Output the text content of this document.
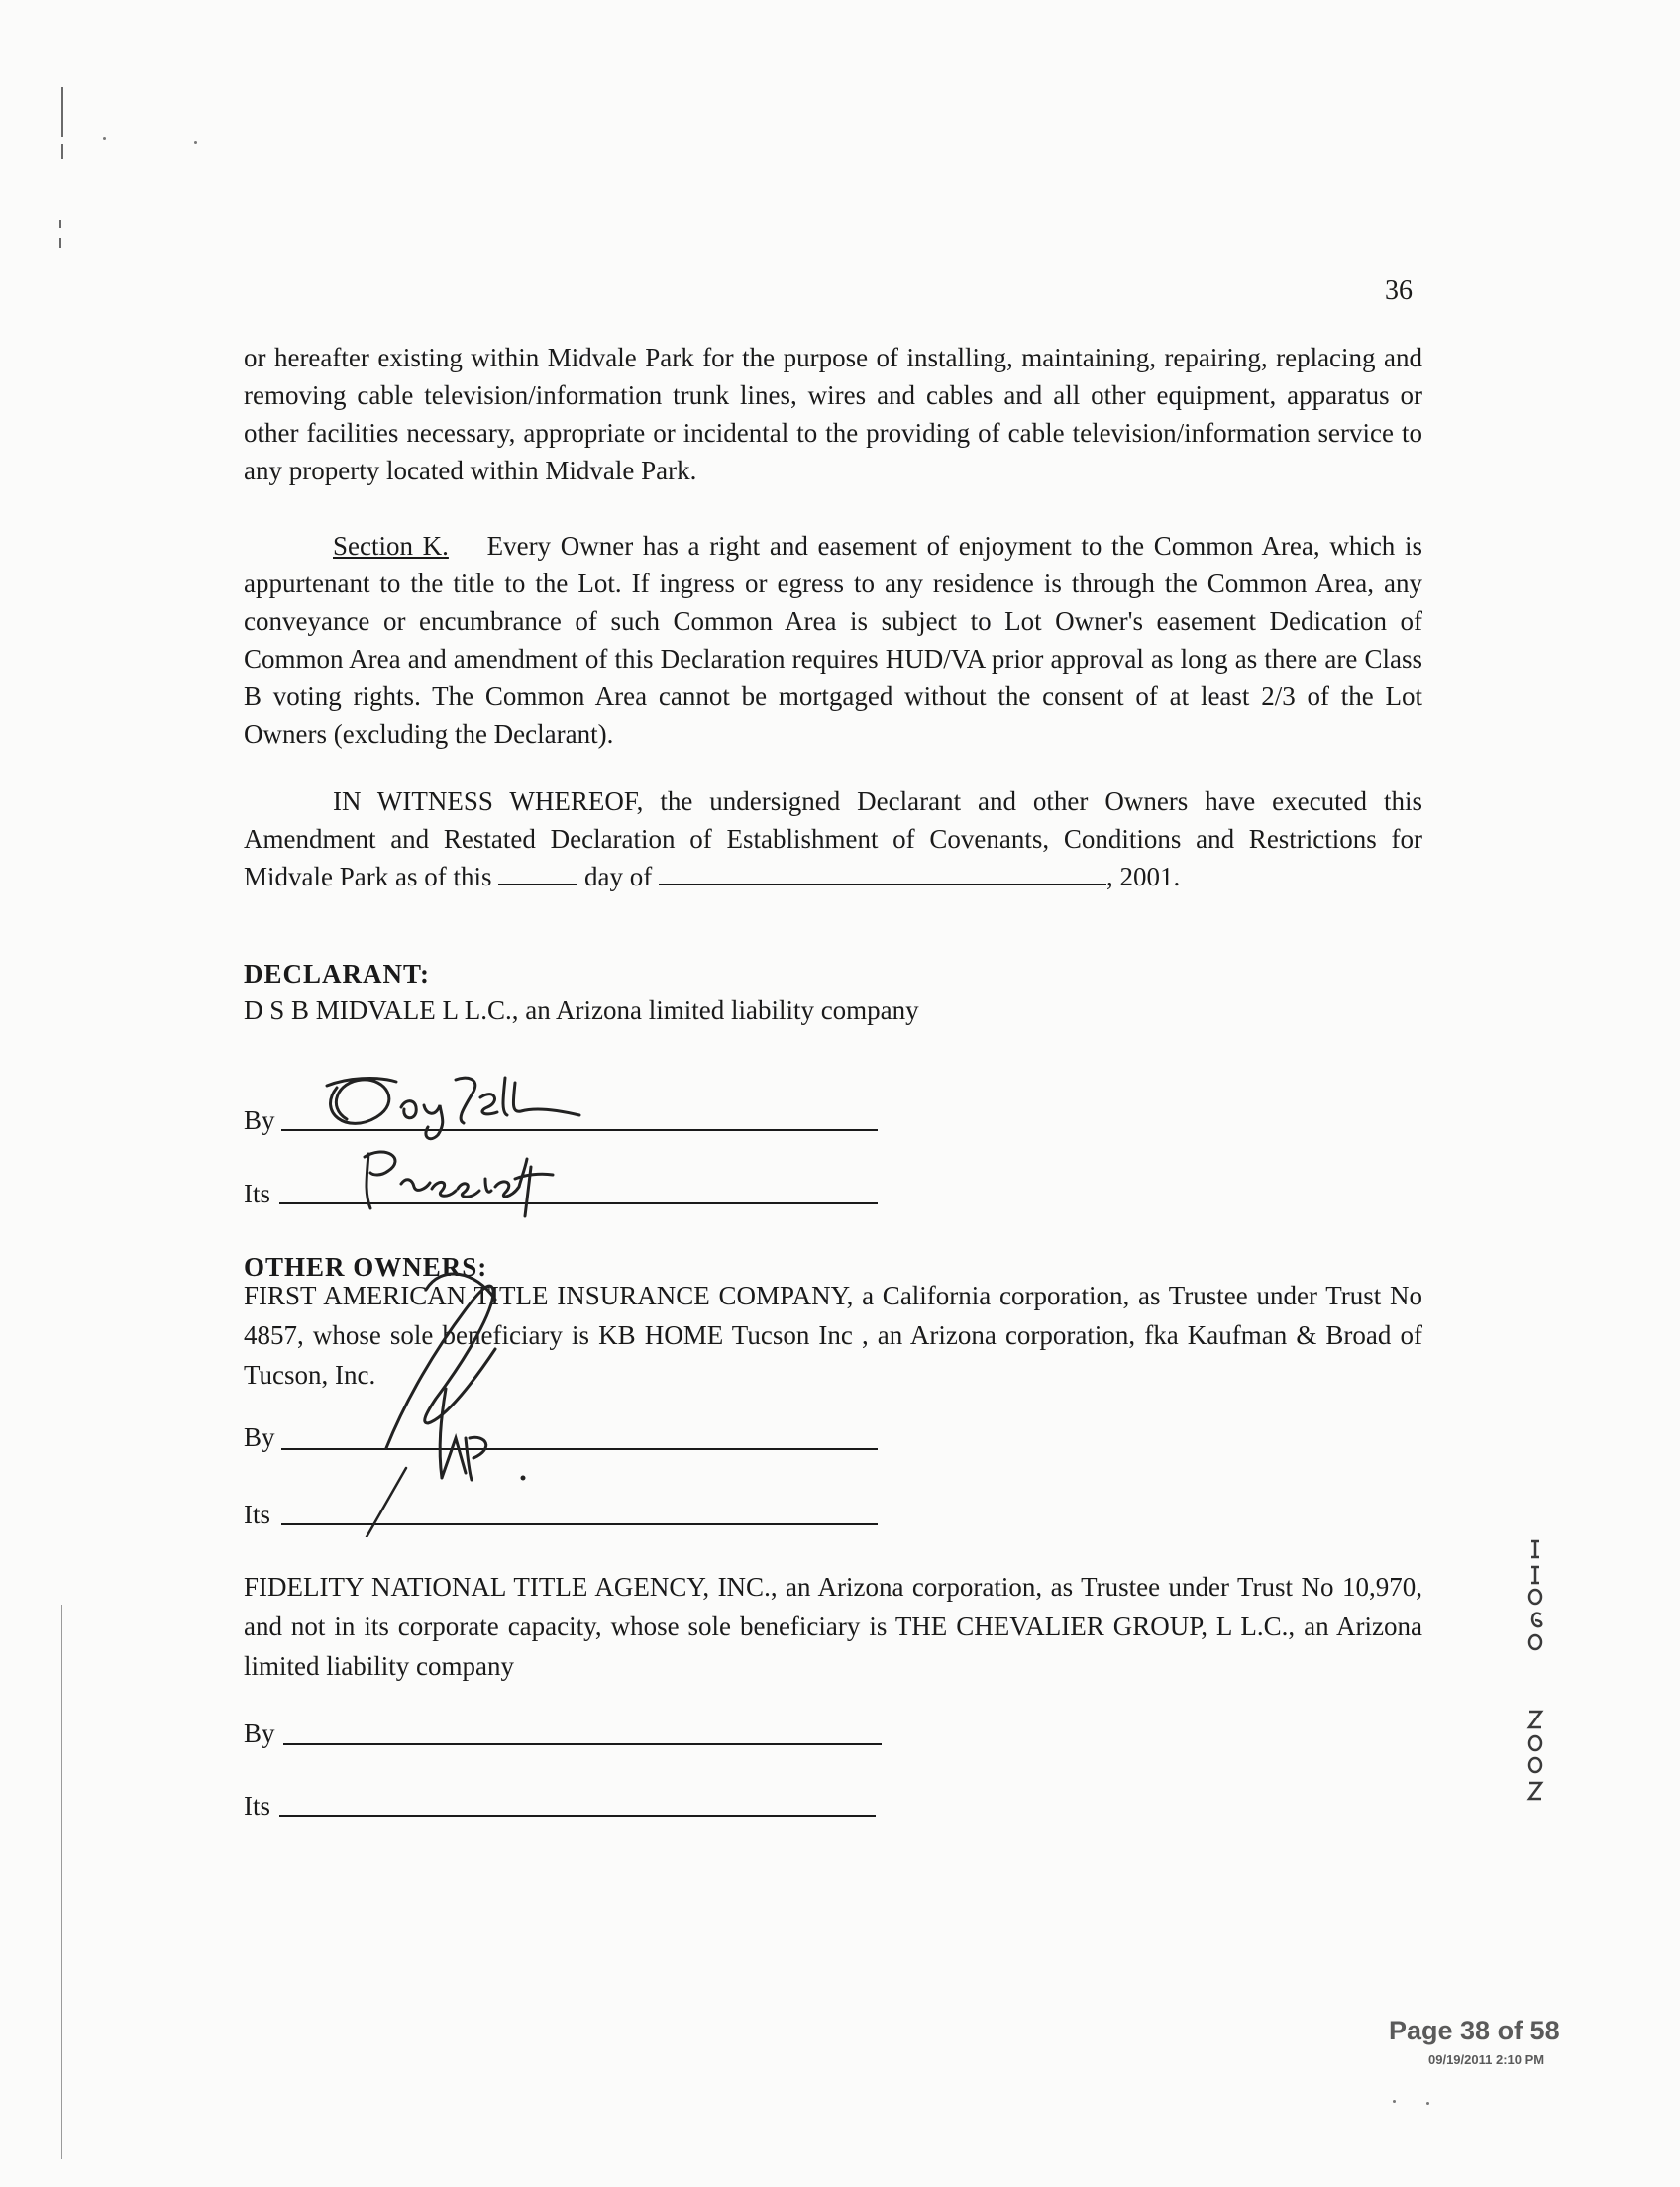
36
or hereafter existing within Midvale Park for the purpose of installing, maintaining, repairing, replacing and removing cable television/information trunk lines, wires and cables and all other equipment, apparatus or other facilities necessary, appropriate or incidental to the providing of cable television/information service to any property located within Midvale Park.
Section K. Every Owner has a right and easement of enjoyment to the Common Area, which is appurtenant to the title to the Lot. If ingress or egress to any residence is through the Common Area, any conveyance or encumbrance of such Common Area is subject to Lot Owner's easement Dedication of Common Area and amendment of this Declaration requires HUD/VA prior approval as long as there are Class B voting rights. The Common Area cannot be mortgaged without the consent of at least 2/3 of the Lot Owners (excluding the Declarant).
IN WITNESS WHEREOF, the undersigned Declarant and other Owners have executed this Amendment and Restated Declaration of Establishment of Covenants, Conditions and Restrictions for Midvale Park as of this	day of	, 2001.
DECLARANT:
D S B MIDVALE L L.C., an Arizona limited liability company
By
Its
OTHER OWNERS:
FIRST AMERICAN TITLE INSURANCE COMPANY, a California corporation, as Trustee under Trust No 4857, whose sole beneficiary is KB HOME Tucson Inc , an Arizona corporation, fka Kaufman & Broad of Tucson, Inc.
By
Its
FIDELITY NATIONAL TITLE AGENCY, INC., an Arizona corporation, as Trustee under Trust No 10,970, and not in its corporate capacity, whose sole beneficiary is THE CHEVALIER GROUP, L L.C., an Arizona limited liability company
By
Its
Page 38 of 58
09/19/2011 2:10 PM
